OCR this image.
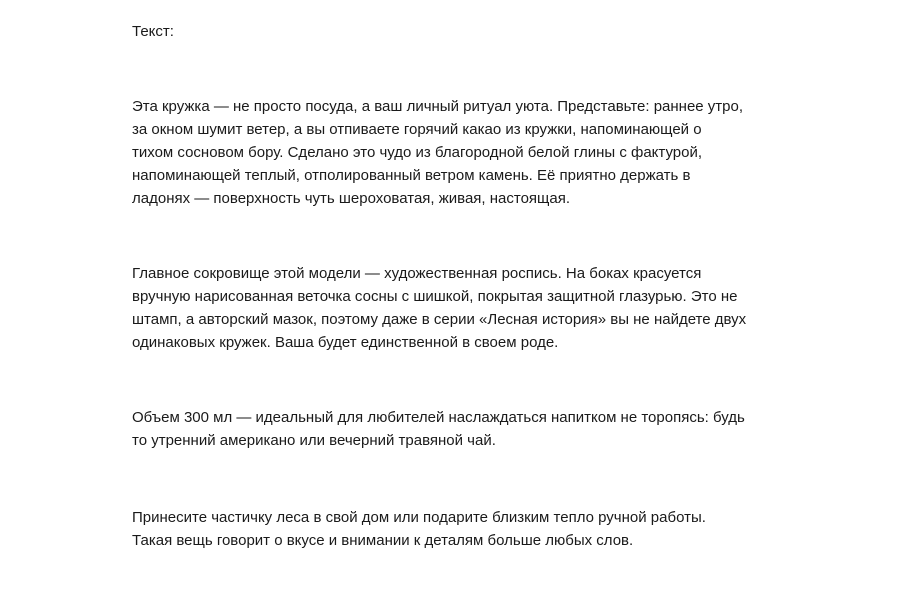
Текст:

Эта кружка — не просто посуда, а ваш личный ритуал уюта. Представьте: раннее утро,
за окном шумит ветер, а вы отпиваете горячий какао из кружки, напоминающей о
тихом сосновом бору. Сделано это чудо из благородной белой глины с фактурой,
напоминающей теплый, отполированный ветром камень. Её приятно держать в
ладонях — поверхность чуть шероховатая, живая, настоящая.

Главное сокровище этой модели — художественная роспись. На боках красуется
вручную нарисованная веточка сосны с шишкой, покрытая защитной глазурью. Это не
штамп, а авторский мазок, поэтому даже в серии «Лесная история» вы не найдете двух
одинаковых кружек. Ваша будет единственной в своем роде.

Объем 300 мл — идеальный для любителей наслаждаться напитком не торопясь: будь
то утренний американо или вечерний травяной чай.

Принесите частичку леса в свой дом или подарите близким тепло ручной работы.
Такая вещь говорит о вкусе и внимании к деталям больше любых слов.
